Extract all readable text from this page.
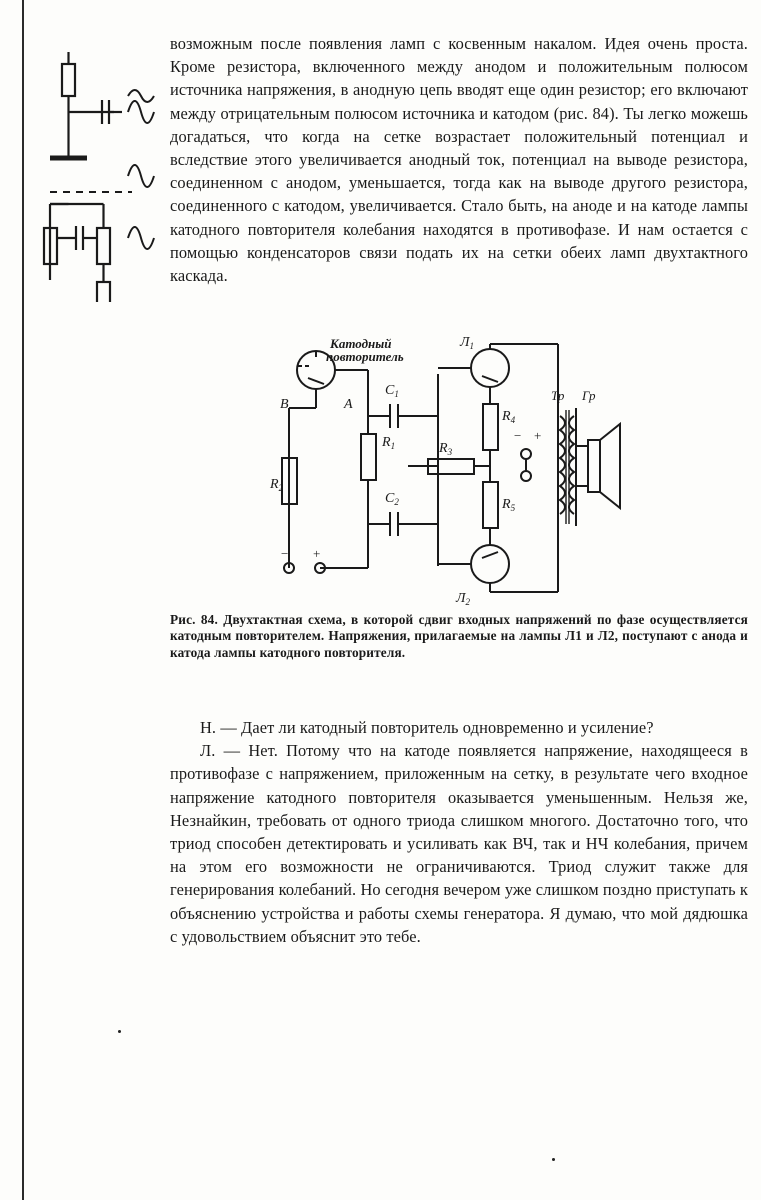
возможным после появления ламп с косвенным накалом. Идея очень проста. Кроме резистора, включенного между анодом и положительным полюсом источника напряжения, в анодную цепь вводят еще один резистор; его включают между отрицательным полюсом источника и катодом (рис. 84). Ты легко можешь догадаться, что когда на сетке возрастает положительный потенциал и вследствие этого увеличивается анодный ток, потенциал на выводе резистора, соединенном с анодом, уменьшается, тогда как на выводе другого резистора, соединенного с катодом, увеличивается. Стало быть, на аноде и на катоде лампы катодного повторителя колебания находятся в противофазе. И нам остается с помощью конденсаторов связи подать их на сетки обеих ламп двухтактного каскада.

Катодный
повторитель
В	А
$C_1$
$C_2$
$R_1$
$R_2$
$R_3$
$R_4$
$R_5$
$Л_1$
$Л_2$
Тр Гр
− +
− +
Рис. 84. Двухтактная схема, в которой сдвиг входных напряжений по фазе осуществляется катодным повторителем. Напряжения, прилагаемые на лампы Л1 и Л2, поступают с анода и катода лампы катодного повторителя.

Н. — Дает ли катодный повторитель одновременно и усиление?

Л. — Нет. Потому что на катоде появляется напряжение, находящееся в противофазе с напряжением, приложенным на сетку, в результате чего входное напряжение катодного повторителя оказывается уменьшенным. Нельзя же, Незнайкин, требовать от одного триода слишком многого. Достаточно того, что триод способен детектировать и усиливать как ВЧ, так и НЧ колебания, причем на этом его возможности не ограничиваются. Триод служит также для генерирования колебаний. Но сегодня вечером уже слишком поздно приступать к объяснению устройства и работы схемы генератора. Я думаю, что мой дядюшка с удовольствием объяснит это тебе.
